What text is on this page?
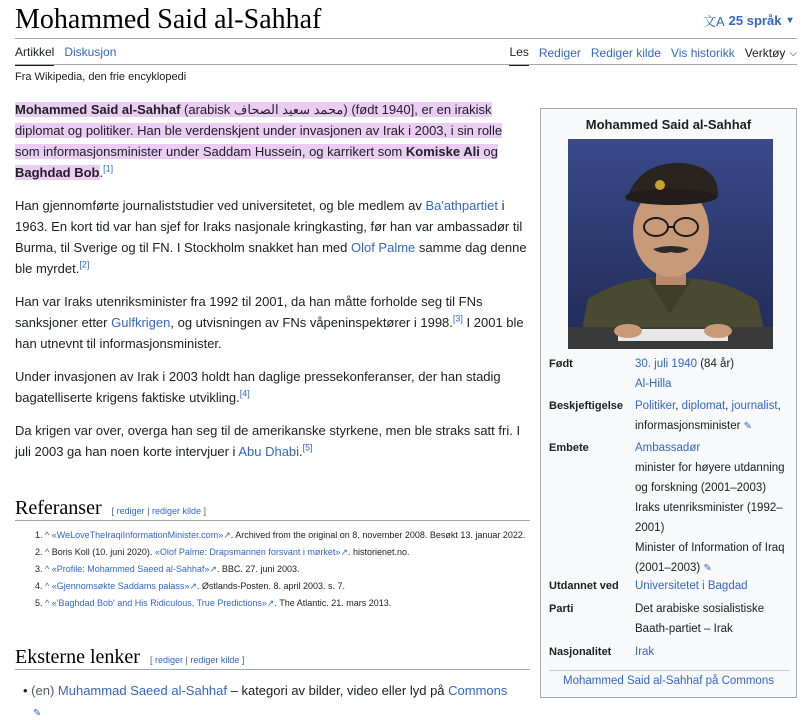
Mohammed Said al-Sahhaf	文A 25 språk ▾
Artikkel Diskusjon	Les Rediger Rediger kilde Vis historikk Verktøy ⌵
Fra Wikipedia, den frie encyklopedi

Mohammed Said al-Sahhaf (arabisk محمد سعيد الصحاف) (født 1940], er en irakisk diplomat og politiker. Han ble verdenskjent under invasjonen av Irak i 2003, i sin rolle som informasjonsminister under Saddam Hussein, og karrikert som Komiske Ali og Baghdad Bob.[1]

Han gjennomførte journaliststudier ved universitetet, og ble medlem av Ba'athpartiet i 1963. En kort tid var han sjef for Iraks nasjonale kringkasting, før han var ambassadør til Burma, til Sverige og til FN. I Stockholm snakket han med Olof Palme samme dag denne ble myrdet.[2]

Han var Iraks utenriksminister fra 1992 til 2001, da han måtte forholde seg til FNs sanksjoner etter Gulfkrigen, og utvisningen av FNs våpeninspektører i 1998.[3] I 2001 ble han utnevnt til informasjonsminister.

Under invasjonen av Irak i 2003 holdt han daglige pressekonferanser, der han stadig bagatelliserte krigens faktiske utvikling.[4]

Da krigen var over, overga han seg til de amerikanske styrkene, men ble straks satt fri. I juli 2003 ga han noen korte intervjuer i Abu Dhabi.[5]

Referanser [ rediger | rediger kilde ]
1. ^ «WeLoveTheIraqiInformationMinister.com»↗. Archived from the original on 8. november 2008. Besøkt 13. januar 2022.
2. ^ Boris Koll (10. juni 2020). «Olof Palme: Drapsmannen forsvant i mørket»↗. historienet.no.
3. ^ «Profile: Mohammed Saeed al-Sahhaf»↗. BBC. 27. juni 2003.
4. ^ «Gjennomsøkte Saddams palass»↗. Østlands-Posten. 8. april 2003. s. 7.
5. ^ «'Baghdad Bob' and His Ridiculous, True Predictions»↗. The Atlantic. 21. mars 2013.
Eksterne lenker [ rediger | rediger kilde ]
• (en) Muhammad Saeed al-Sahhaf – kategori av bilder, video eller lyd på Commons
✎
Mohammed Said al-Sahhaf
Født	30. juli 1940 (84 år)
Al-Hilla
Beskjeftigelse	Politiker, diplomat, journalist,
informasjonsminister ✎
Embete	Ambassadør
minister for høyere utdanning og forskning (2001–2003)
Iraks utenriksminister (1992–2001)
Minister of Information of Iraq (2001–2003) ✎
Utdannet ved	Universitetet i Bagdad
Parti	Det arabiske sosialistiske Baath-partiet – Irak
Nasjonalitet	Irak
Mohammed Said al-Sahhaf på Commons
